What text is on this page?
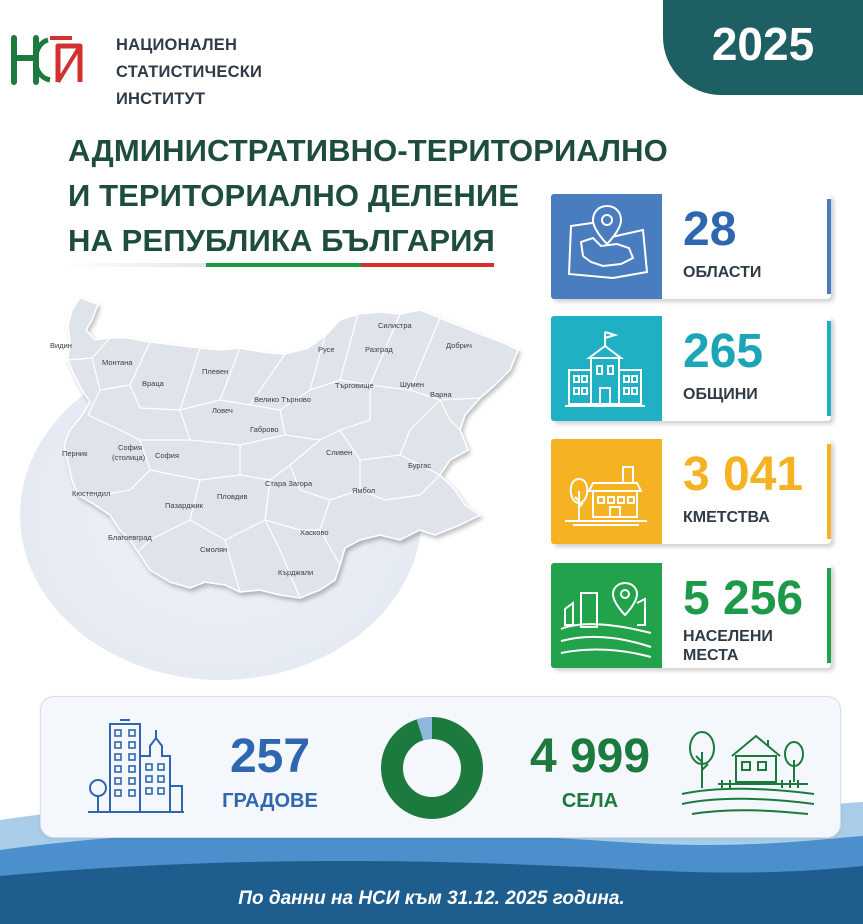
НАЦИОНАЛЕН
СТАТИСТИЧЕСКИ
ИНСТИТУТ
2025
АДМИНИСТРАТИВНО-ТЕРИТОРИАЛНО
И ТЕРИТОРИАЛНО ДЕЛЕНИЕ
НА РЕПУБЛИКА БЪЛГАРИЯ
Видин
Монтана
Враца
Плевен
Русе
Силистра
Разград	Добрич
Ловеч
Велико Търново
Търговище	Шумен
Варна
Габрово
София
(столица)
Перник	София
Кюстендил
Благоевград
Пазарджик
Пловдив
Стара Загора
Сливен
Ямбол
Бургас
Хасково
Смолян
Кърджали
28
ОБЛАСТИ
265
ОБЩИНИ
3 041
КМЕТСТВА
5 256
НАСЕЛЕНИ
МЕСТА
257
ГРАДОВЕ
4 999
СЕЛА
По данни на НСИ към 31.12. 2025 година.
